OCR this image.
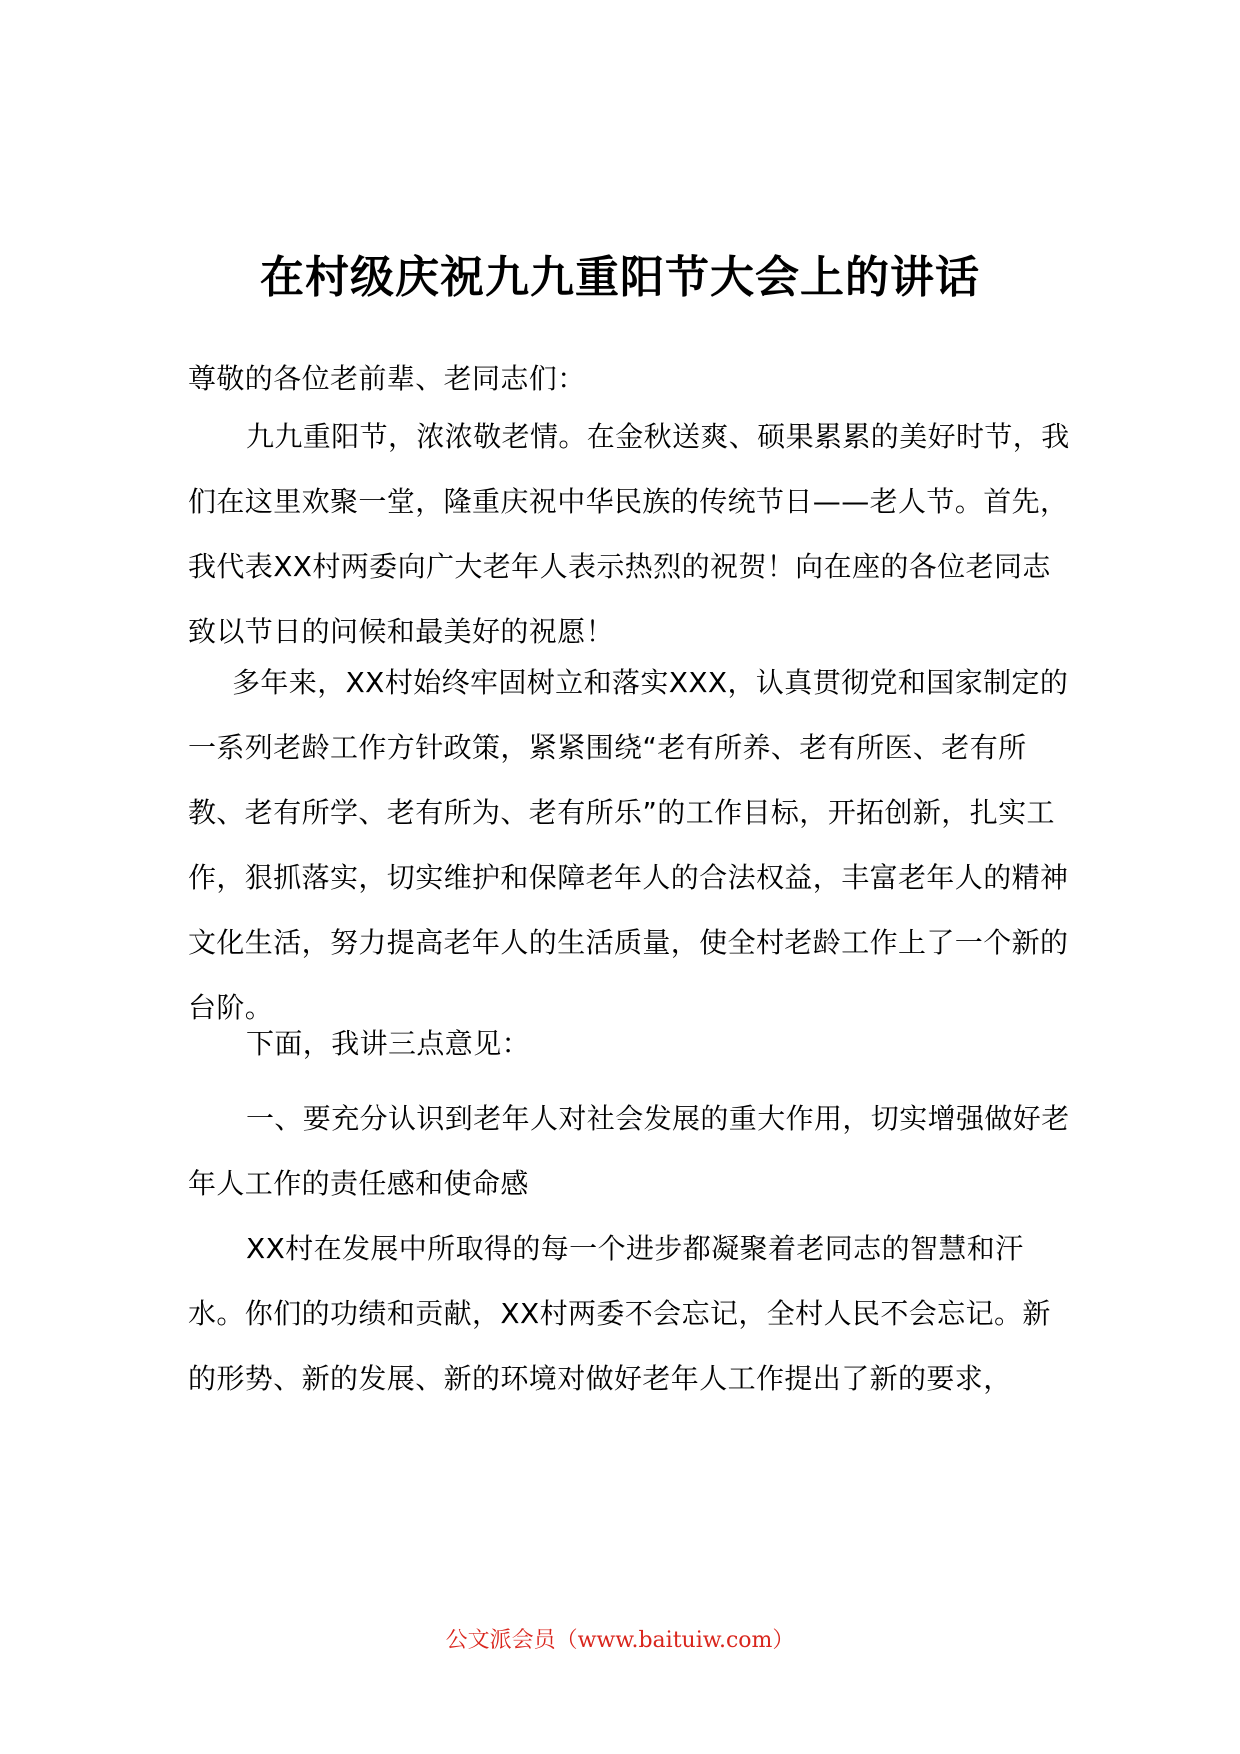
在村级庆祝九九重阳节大会上的讲话

尊敬的各位老前辈、老同志们：

九九重阳节，浓浓敬老情。在金秋送爽、硕果累累的美好时节，我们在这里欢聚一堂，隆重庆祝中华民族的传统节日——老人节。首先，我代表XX村两委向广大老年人表示热烈的祝贺！向在座的各位老同志致以节日的问候和最美好的祝愿！

多年来，XX村始终牢固树立和落实XXX，认真贯彻党和国家制定的一系列老龄工作方针政策，紧紧围绕“老有所养、老有所医、老有所教、老有所学、老有所为、老有所乐”的工作目标，开拓创新，扎实工作，狠抓落实，切实维护和保障老年人的合法权益，丰富老年人的精神文化生活，努力提高老年人的生活质量，使全村老龄工作上了一个新的台阶。

下面，我讲三点意见：

一、要充分认识到老年人对社会发展的重大作用，切实增强做好老年人工作的责任感和使命感

XX村在发展中所取得的每一个进步都凝聚着老同志的智慧和汗水。你们的功绩和贡献，XX村两委不会忘记，全村人民不会忘记。新的形势、新的发展、新的环境对做好老年人工作提出了新的要求，

公文派会员（www.baituiw.com）
